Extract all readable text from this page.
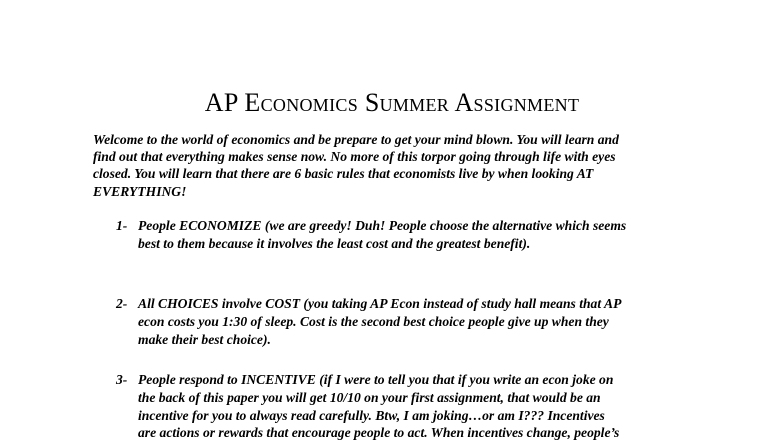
AP Economics Summer Assignment

Welcome to the world of economics and be prepare to get your mind blown. You will learn and
find out that everything makes sense now. No more of this torpor going through life with eyes
closed. You will learn that there are 6 basic rules that economists live by when looking AT
EVERYTHING!

1- People ECONOMIZE (we are greedy! Duh! People choose the alternative which seems
best to them because it involves the least cost and the greatest benefit).
2- All CHOICES involve COST (you taking AP Econ instead of study hall means that AP
econ costs you 1:30 of sleep. Cost is the second best choice people give up when they
make their best choice).
3- People respond to INCENTIVE (if I were to tell you that if you write an econ joke on
the back of this paper you will get 10/10 on your first assignment, that would be an
incentive for you to always read carefully. Btw, I am joking…or am I??? Incentives
are actions or rewards that encourage people to act. When incentives change, people’s
